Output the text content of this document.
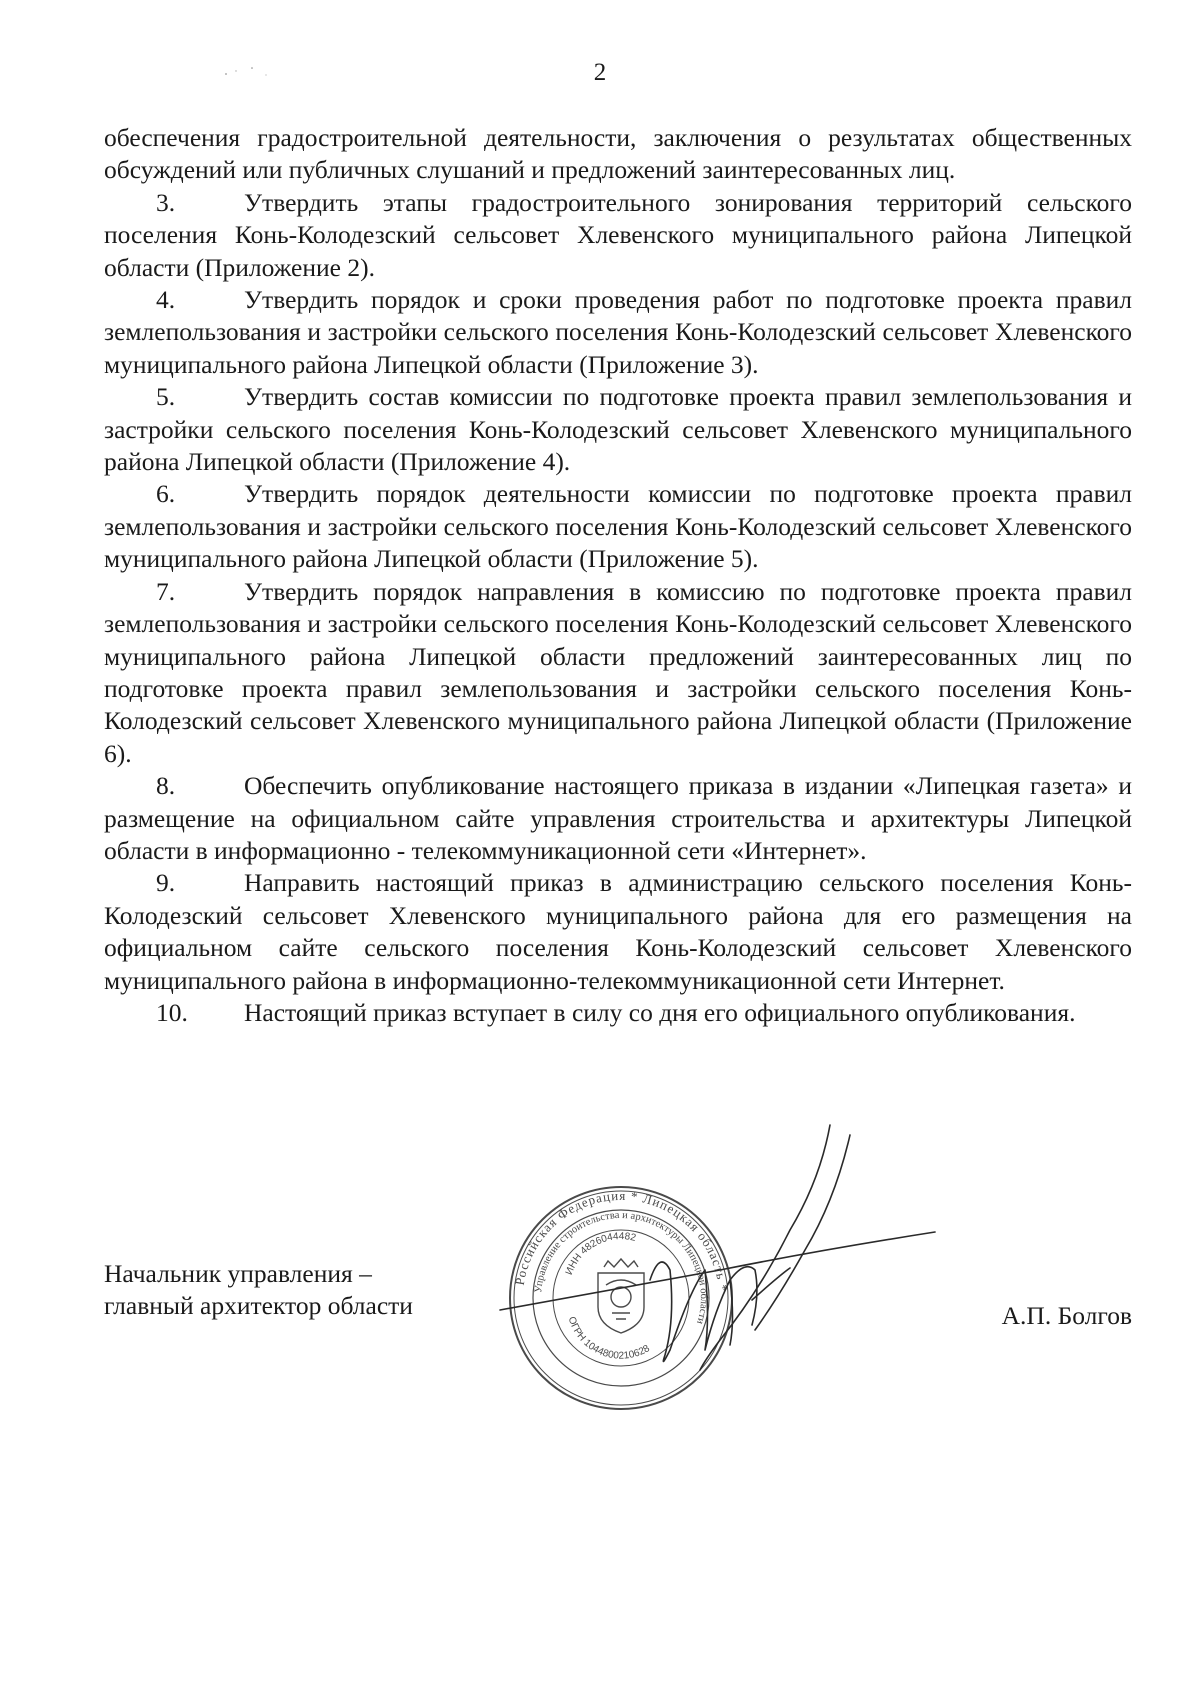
2

обеспечения градостроительной деятельности, заключения о результатах общественных обсуждений или публичных слушаний и предложений заинтересованных лиц.

3.	Утвердить этапы градостроительного зонирования территорий сельского поселения Конь-Колодезский сельсовет Хлевенского муниципального района Липецкой области (Приложение 2).

4.	Утвердить порядок и сроки проведения работ по подготовке проекта правил землепользования и застройки сельского поселения Конь-Колодезский сельсовет Хлевенского муниципального района Липецкой области (Приложение 3).

5.	Утвердить состав комиссии по подготовке проекта правил землепользования и застройки сельского поселения Конь-Колодезский сельсовет Хлевенского муниципального района Липецкой области (Приложение 4).

6.	Утвердить порядок деятельности комиссии по подготовке проекта правил землепользования и застройки сельского поселения Конь-Колодезский сельсовет Хлевенского муниципального района Липецкой области (Приложение 5).

7.	Утвердить порядок направления в комиссию по подготовке проекта правил землепользования и застройки сельского поселения Конь-Колодезский сельсовет Хлевенского муниципального района Липецкой области предложений заинтересованных лиц по подготовке проекта правил землепользования и застройки сельского поселения Конь-Колодезский сельсовет Хлевенского муниципального района Липецкой области (Приложение 6).

8.	Обеспечить опубликование настоящего приказа в издании «Липецкая газета» и размещение на официальном сайте управления строительства и архитектуры Липецкой области в информационно - телекоммуникационной сети «Интернет».

9.	Направить настоящий приказ в администрацию сельского поселения Конь-Колодезский сельсовет Хлевенского муниципального района для его размещения на официальном сайте сельского поселения Конь-Колодезский сельсовет Хлевенского муниципального района в информационно-телекоммуникационной сети Интернет.

10. Настоящий приказ вступает в силу со дня его официального опубликования.

Начальник управления –
главный архитектор области	А.П. Болгов
Российская Федерация * Липецкая область *
Управление строительства и архитектуры Липецкой области
ИНН 4826044482
ОГРН 1044800210628
